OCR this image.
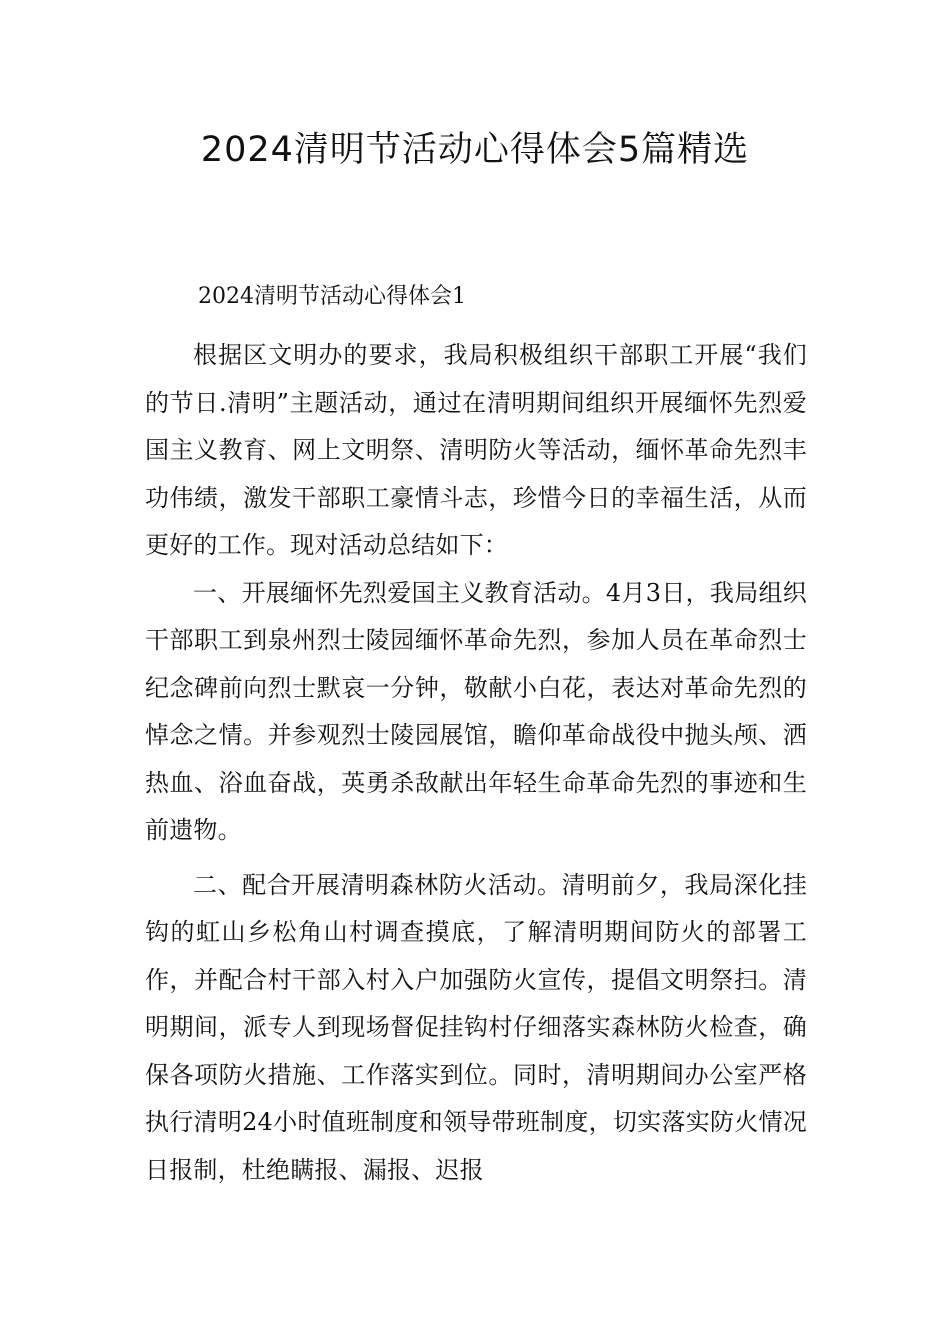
2024清明节活动心得体会5篇精选
2024清明节活动心得体会1

根据区文明办的要求，我局积极组织干部职工开展“我们的节日.清明”主题活动，通过在清明期间组织开展缅怀先烈爱国主义教育、网上文明祭、清明防火等活动，缅怀革命先烈丰功伟绩，激发干部职工豪情斗志，珍惜今日的幸福生活，从而更好的工作。现对活动总结如下：

一、开展缅怀先烈爱国主义教育活动。4月3日，我局组织干部职工到泉州烈士陵园缅怀革命先烈，参加人员在革命烈士纪念碑前向烈士默哀一分钟，敬献小白花，表达对革命先烈的悼念之情。并参观烈士陵园展馆，瞻仰革命战役中抛头颅、洒热血、浴血奋战，英勇杀敌献出年轻生命革命先烈的事迹和生前遗物。

二、配合开展清明森林防火活动。清明前夕，我局深化挂钩的虹山乡松角山村调查摸底，了解清明期间防火的部署工作，并配合村干部入村入户加强防火宣传，提倡文明祭扫。清明期间，派专人到现场督促挂钩村仔细落实森林防火检查，确保各项防火措施、工作落实到位。同时，清明期间办公室严格执行清明24小时值班制度和领导带班制度，切实落实防火情况日报制，杜绝瞒报、漏报、迟报
